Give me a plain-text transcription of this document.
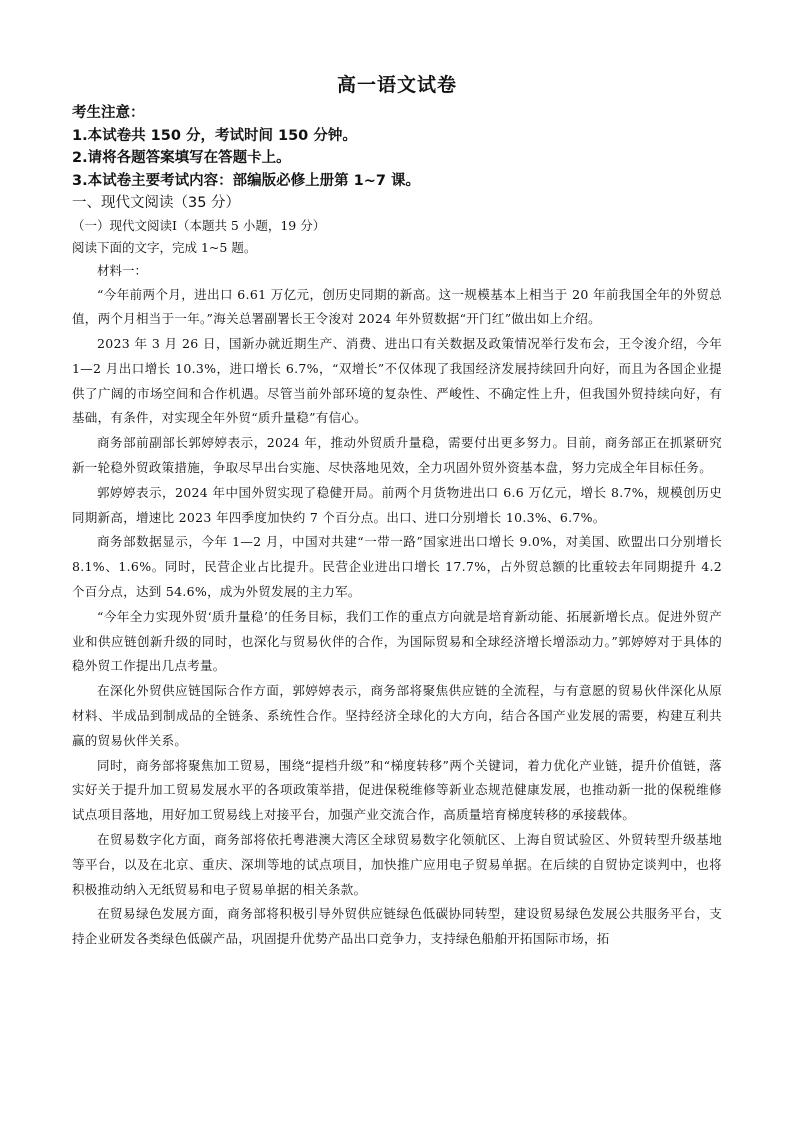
高一语文试卷

考生注意：

1.本试卷共 150 分，考试时间 150 分钟。

2.请将各题答案填写在答题卡上。

3.本试卷主要考试内容：部编版必修上册第 1~7 课。

一、现代文阅读（35 分）

（一）现代文阅读Ⅰ（本题共 5 小题，19 分）

阅读下面的文字，完成 1~5 题。

材料一：

“今年前两个月，进出口 6.61 万亿元，创历史同期的新高。这一规模基本上相当于 20 年前我国全年的外贸总值，两个月相当于一年。”海关总署副署长王令浚对 2024 年外贸数据“开门红”做出如上介绍。

2023 年 3 月 26 日，国新办就近期生产、消费、进出口有关数据及政策情况举行发布会，王令浚介绍，今年 1—2 月出口增长 10.3%，进口增长 6.7%，“双增长”不仅体现了我国经济发展持续回升向好，而且为各国企业提供了广阔的市场空间和合作机遇。尽管当前外部环境的复杂性、严峻性、不确定性上升，但我国外贸持续向好，有基础，有条件，对实现全年外贸“质升量稳”有信心。

商务部前副部长郭婷婷表示，2024 年，推动外贸质升量稳，需要付出更多努力。目前，商务部正在抓紧研究新一轮稳外贸政策措施，争取尽早出台实施、尽快落地见效，全力巩固外贸外资基本盘，努力完成全年目标任务。

郭婷婷表示，2024 年中国外贸实现了稳健开局。前两个月货物进出口 6.6 万亿元，增长 8.7%，规模创历史同期新高，增速比 2023 年四季度加快约 7 个百分点。出口、进口分别增长 10.3%、6.7%。

商务部数据显示，今年 1—2 月，中国对共建“一带一路”国家进出口增长 9.0%，对美国、欧盟出口分别增长 8.1%、1.6%。同时，民营企业占比提升。民营企业进出口增长 17.7%，占外贸总额的比重较去年同期提升 4.2 个百分点，达到 54.6%，成为外贸发展的主力军。

“今年全力实现外贸‘质升量稳’的任务目标，我们工作的重点方向就是培育新动能、拓展新增长点。促进外贸产业和供应链创新升级的同时，也深化与贸易伙伴的合作，为国际贸易和全球经济增长增添动力。”郭婷婷对于具体的稳外贸工作提出几点考量。

在深化外贸供应链国际合作方面，郭婷婷表示，商务部将聚焦供应链的全流程，与有意愿的贸易伙伴深化从原材料、半成品到制成品的全链条、系统性合作。坚持经济全球化的大方向，结合各国产业发展的需要，构建互利共赢的贸易伙伴关系。

同时，商务部将聚焦加工贸易，围绕“提档升级”和“梯度转移”两个关键词，着力优化产业链，提升价值链，落实好关于提升加工贸易发展水平的各项政策举措，促进保税维修等新业态规范健康发展，也推动新一批的保税维修试点项目落地，用好加工贸易线上对接平台，加强产业交流合作，高质量培育梯度转移的承接载体。

在贸易数字化方面，商务部将依托粤港澳大湾区全球贸易数字化领航区、上海自贸试验区、外贸转型升级基地等平台，以及在北京、重庆、深圳等地的试点项目，加快推广应用电子贸易单据。在后续的自贸协定谈判中，也将积极推动纳入无纸贸易和电子贸易单据的相关条款。

在贸易绿色发展方面，商务部将积极引导外贸供应链绿色低碳协同转型，建设贸易绿色发展公共服务平台，支持企业研发各类绿色低碳产品，巩固提升优势产品出口竞争力，支持绿色船舶开拓国际市场，拓
